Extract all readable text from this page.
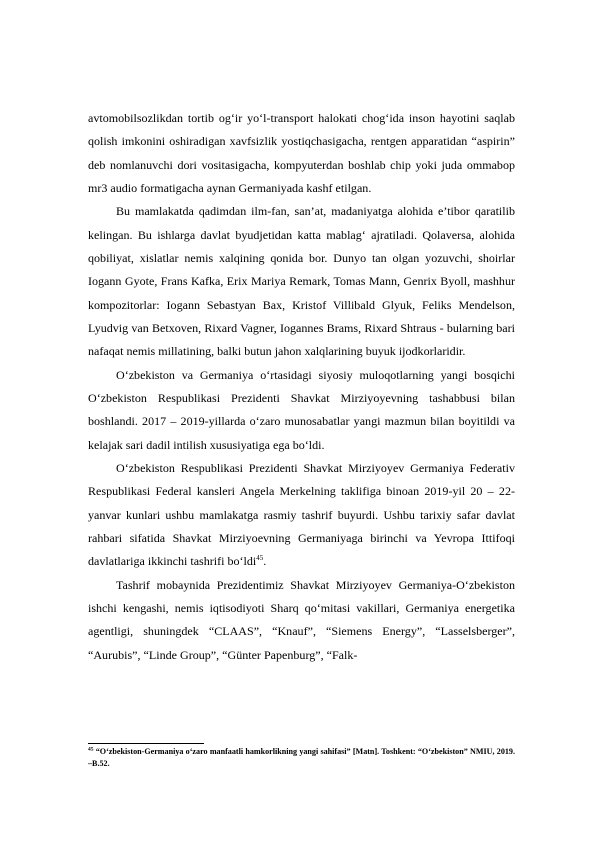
avtomobilsozlikdan tortib og‘ir yo‘l-transport halokati chog‘ida inson hayotini saqlab qolish imkonini oshiradigan xavfsizlik yostiqchasigacha, rentgen apparatidan “aspirin” deb nomlanuvchi dori vositasigacha, kompyuterdan boshlab chip yoki juda ommabop mr3 audio formatigacha aynan Germaniyada kashf etilgan.

Bu mamlakatda qadimdan ilm-fan, san’at, madaniyatga alohida e’tibor qaratilib kelingan. Bu ishlarga davlat byudjetidan katta mablag‘ ajratiladi. Qolaversa, alohida qobiliyat, xislatlar nemis xalqining qonida bor. Dunyo tan olgan yozuvchi, shoirlar Iogann Gyote, Frans Kafka, Erix Mariya Remark, Tomas Mann, Genrix Byoll, mashhur kompozitorlar: Iogann Sebastyan Bax, Kristof Villibald Glyuk, Feliks Mendelson, Lyudvig van Betxoven, Rixard Vagner, Iogannes Brams, Rixard Shtraus - bularning bari nafaqat nemis millatining, balki butun jahon xalqlarining buyuk ijodkorlaridir.

O‘zbekiston va Germaniya o‘rtasidagi siyosiy muloqotlarning yangi bosqichi O‘zbekiston Respublikasi Prezidenti Shavkat Mirziyoyevning tashabbusi bilan boshlandi. 2017 – 2019-yillarda o‘zaro munosabatlar yangi mazmun bilan boyitildi va kelajak sari dadil intilish xususiyatiga ega bo‘ldi.

O‘zbekiston Respublikasi Prezidenti Shavkat Mirziyoyev Germaniya Federativ Respublikasi Federal kansleri Angela Merkelning taklifiga binoan 2019-yil 20 – 22-yanvar kunlari ushbu mamlakatga rasmiy tashrif buyurdi. Ushbu tarixiy safar davlat rahbari sifatida Shavkat Mirziyoevning Germaniyaga birinchi va Yevropa Ittifoqi davlatlariga ikkinchi tashrifi bo‘ldi$^{45}$.

Tashrif mobaynida Prezidentimiz Shavkat Mirziyoyev Germaniya-O‘zbekiston ishchi kengashi, nemis iqtisodiyoti Sharq qo‘mitasi vakillari, Germaniya energetika agentligi, shuningdek “CLAAS”, “Knauf”, “Siemens Energy”, “Lasselsberger”, “Aurubis”, “Linde Group”, “Günter Papenburg”, “Falk-

$^{45}$ “O‘zbekiston-Germaniya o‘zaro manfaatli hamkorlikning yangi sahifasi” [Matn]. Toshkent: “O‘zbekiston” NMIU, 2019. –B.52.
